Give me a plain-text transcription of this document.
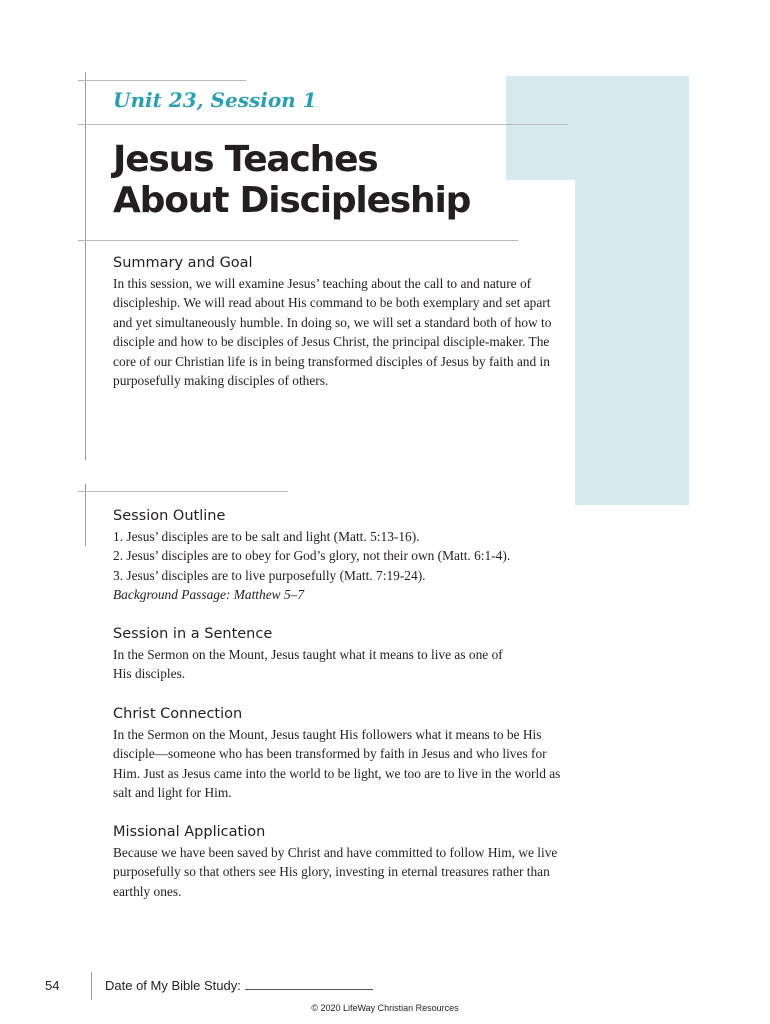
Unit 23, Session 1
Jesus Teaches
About Discipleship
Summary and Goal
In this session, we will examine Jesus’ teaching about the call to and nature of
discipleship. We will read about His command to be both exemplary and set apart
and yet simultaneously humble. In doing so, we will set a standard both of how to
disciple and how to be disciples of Jesus Christ, the principal disciple-maker. The
core of our Christian life is in being transformed disciples of Jesus by faith and in
purposefully making disciples of others.
Session Outline
1. Jesus’ disciples are to be salt and light (Matt. 5:13-16).
2. Jesus’ disciples are to obey for God’s glory, not their own (Matt. 6:1-4).
3. Jesus’ disciples are to live purposefully (Matt. 7:19-24).
Background Passage: Matthew 5–7
Session in a Sentence
In the Sermon on the Mount, Jesus taught what it means to live as one of
His disciples.
Christ Connection
In the Sermon on the Mount, Jesus taught His followers what it means to be His
disciple—someone who has been transformed by faith in Jesus and who lives for
Him. Just as Jesus came into the world to be light, we too are to live in the world as
salt and light for Him.
Missional Application
Because we have been saved by Christ and have committed to follow Him, we live
purposefully so that others see His glory, investing in eternal treasures rather than
earthly ones.
54	Date of My Bible Study:
© 2020 LifeWay Christian Resources
